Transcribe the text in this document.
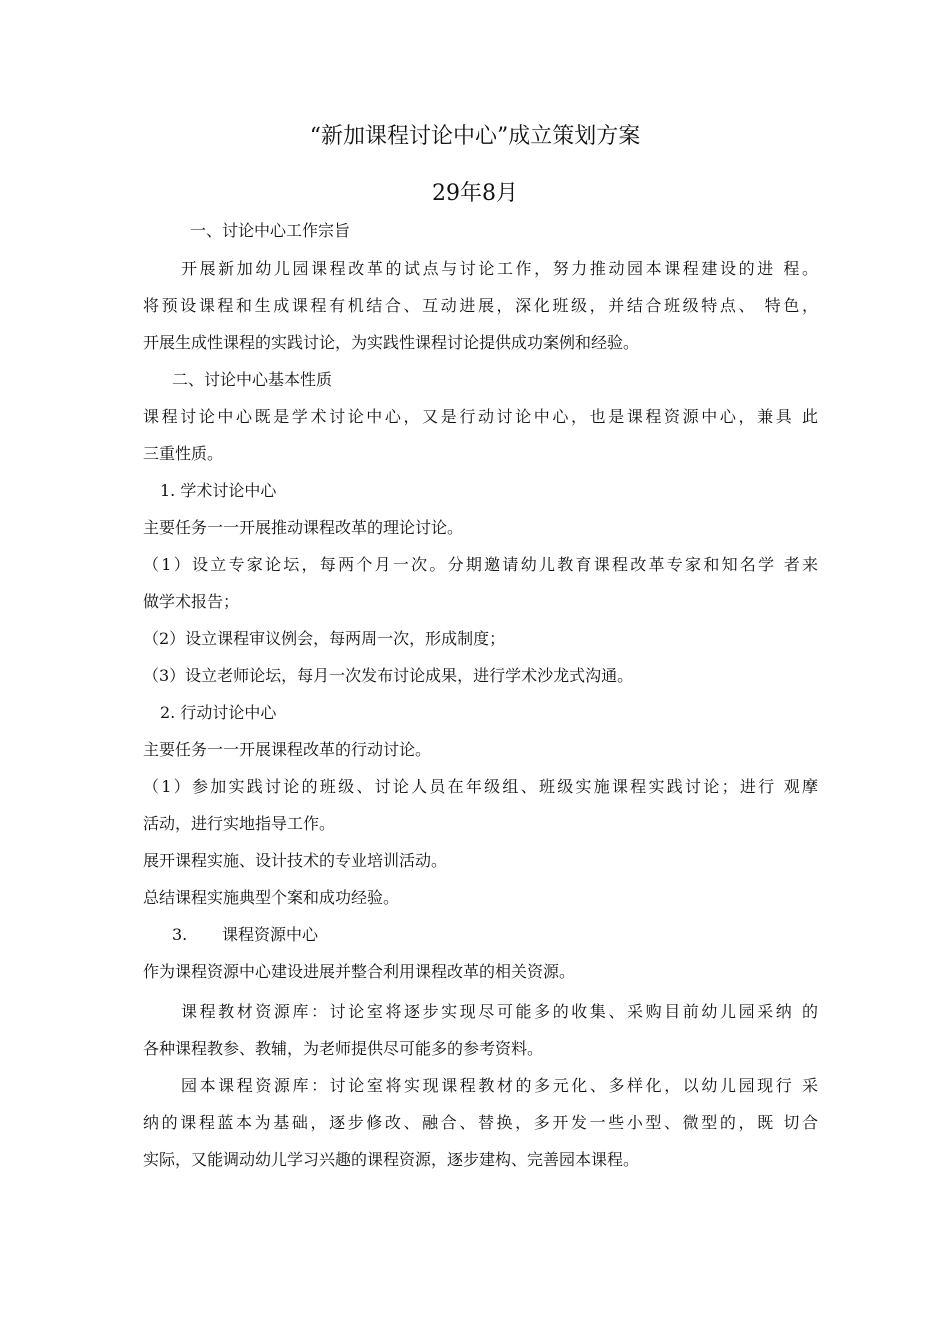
“新加课程讨论中心”成立策划方案
29年8月
一、讨论中心工作宗旨
开展新加幼儿园课程改革的试点与讨论工作，努力推动园本课程建设的进 程。
将预设课程和生成课程有机结合、互动进展，深化班级，并结合班级特点、 特色，
开展生成性课程的实践讨论，为实践性课程讨论提供成功案例和经验。
二、讨论中心基本性质
课程讨论中心既是学术讨论中心，又是行动讨论中心，也是课程资源中心，兼具 此
三重性质。
1. 学术讨论中心
主要任务一一开展推动课程改革的理论讨论。
（1）设立专家论坛，每两个月一次。分期邀请幼儿教育课程改革专家和知名学 者来
做学术报告；
（2）设立课程审议例会，每两周一次，形成制度；
（3）设立老师论坛，每月一次发布讨论成果，进行学术沙龙式沟通。
2. 行动讨论中心
主要任务一一开展课程改革的行动讨论。
（1）参加实践讨论的班级、讨论人员在年级组、班级实施课程实践讨论；进行 观摩
活动，进行实地指导工作。
展开课程实施、设计技术的专业培训活动。
总结课程实施典型个案和成功经验。
3. 课程资源中心
作为课程资源中心建设进展并整合利用课程改革的相关资源。
课程教材资源库：讨论室将逐步实现尽可能多的收集、采购目前幼儿园采纳 的
各种课程教参、教辅，为老师提供尽可能多的参考资料。
园本课程资源库：讨论室将实现课程教材的多元化、多样化，以幼儿园现行 采
纳的课程蓝本为基础，逐步修改、融合、替换，多开发一些小型、微型的，既 切合
实际，又能调动幼儿学习兴趣的课程资源，逐步建构、完善园本课程。
